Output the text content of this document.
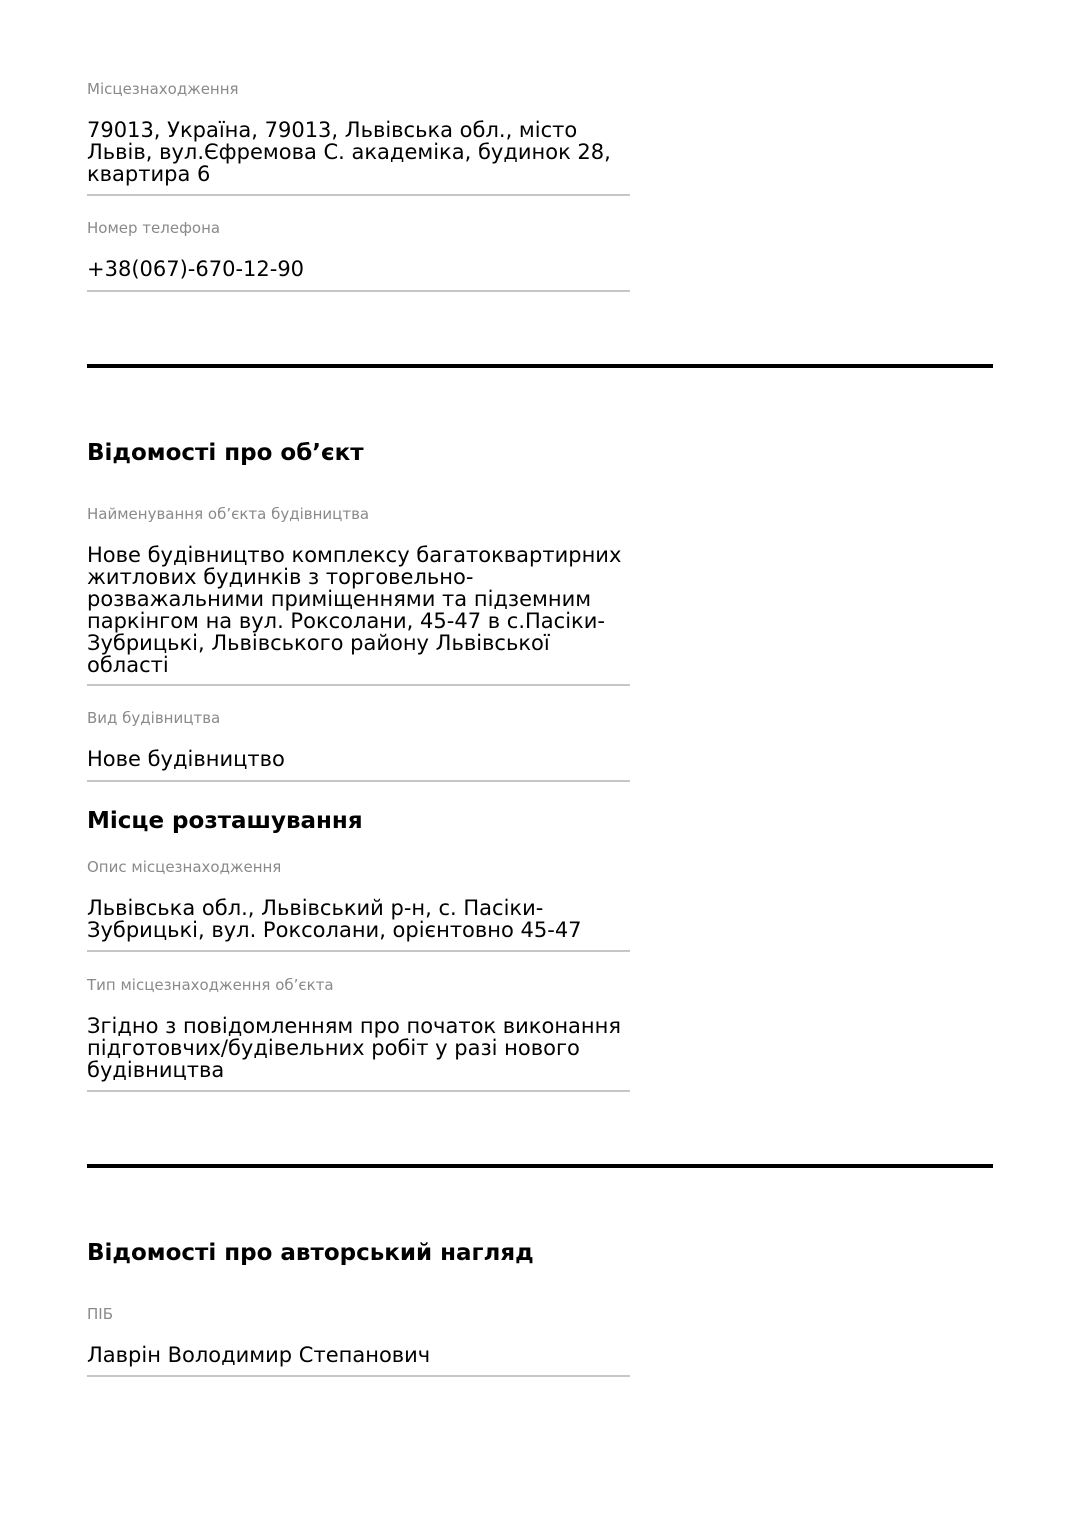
Місцезнаходження
79013, Україна, 79013, Львівська обл., місто Львів, вул.Єфремова С. академіка, будинок 28, квартира 6
Номер телефона
+38(067)-670-12-90
Відомості про об’єкт
Найменування об’єкта будівництва
Нове будівництво комплексу багатоквартирних житлових будинків з торговельно-розважальними приміщеннями та підземним паркінгом на вул. Роксолани, 45-47 в с.Пасіки-Зубрицькі, Львівського району Львівської області
Вид будівництва
Нове будівництво
Місце розташування
Опис місцезнаходження
Львівська обл., Львівський р-н, с. Пасіки-Зубрицькі, вул. Роксолани, орієнтовно 45-47
Тип місцезнаходження об’єкта
Згідно з повідомленням про початок виконання підготовчих/будівельних робіт у разі нового будівництва
Відомості про авторський нагляд
ПІБ
Лаврін Володимир Степанович
